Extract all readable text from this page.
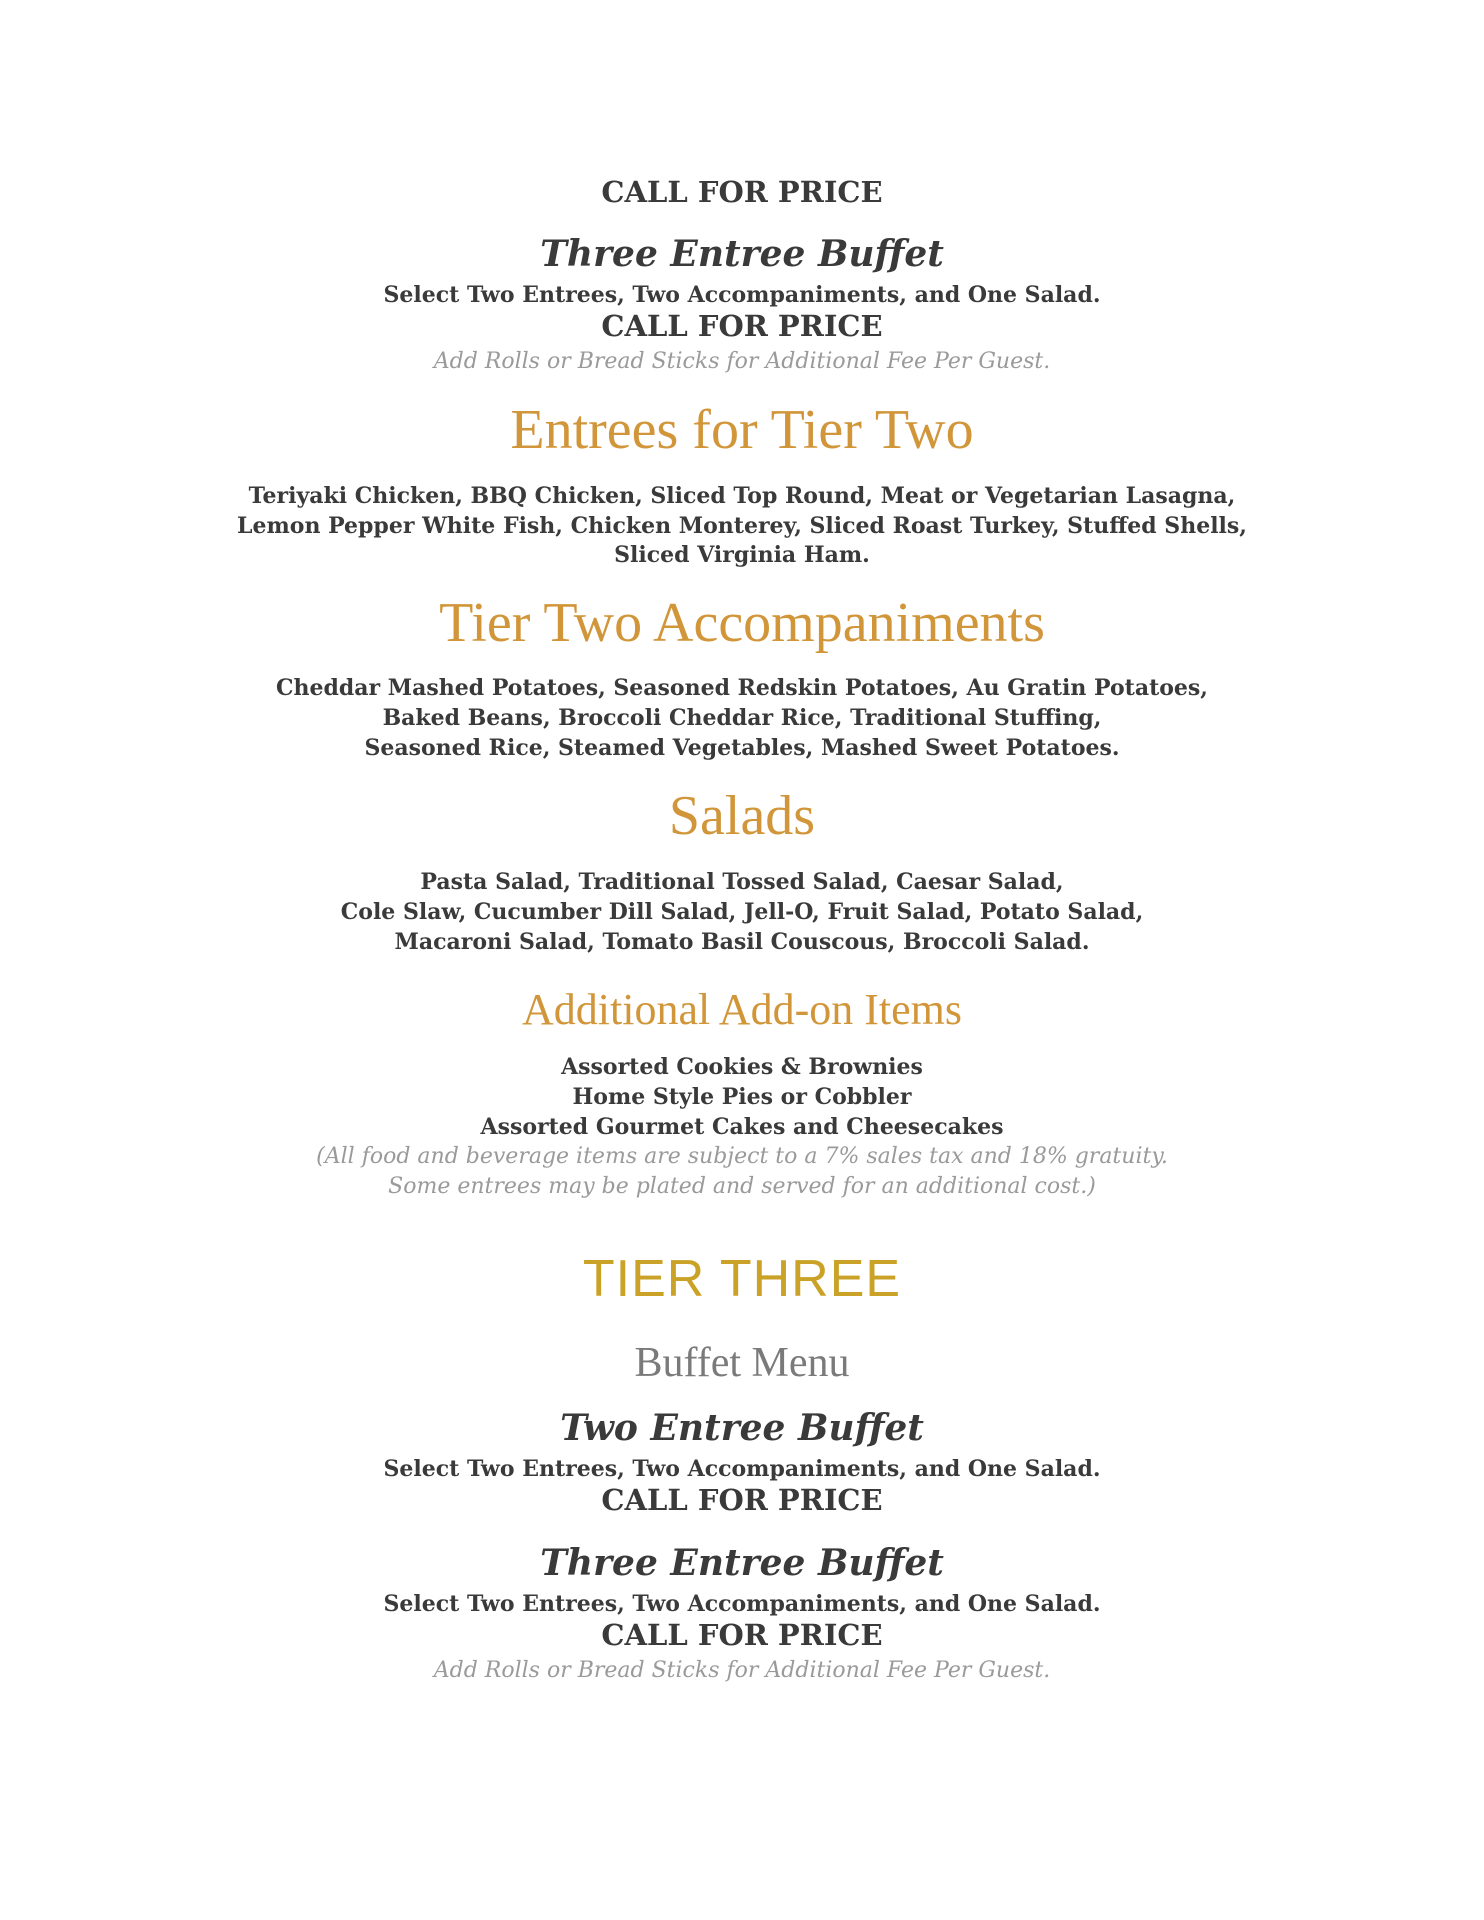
CALL FOR PRICE
Three Entree Buffet
Select Two Entrees, Two Accompaniments, and One Salad.
CALL FOR PRICE
Add Rolls or Bread Sticks for Additional Fee Per Guest.
Entrees for Tier Two
Teriyaki Chicken, BBQ Chicken, Sliced Top Round, Meat or Vegetarian Lasagna,
Lemon Pepper White Fish, Chicken Monterey, Sliced Roast Turkey, Stuffed Shells,
Sliced Virginia Ham.
Tier Two Accompaniments
Cheddar Mashed Potatoes, Seasoned Redskin Potatoes, Au Gratin Potatoes,
Baked Beans, Broccoli Cheddar Rice, Traditional Stuffing,
Seasoned Rice, Steamed Vegetables, Mashed Sweet Potatoes.
Salads
Pasta Salad, Traditional Tossed Salad, Caesar Salad,
Cole Slaw, Cucumber Dill Salad, Jell-O, Fruit Salad, Potato Salad,
Macaroni Salad, Tomato Basil Couscous, Broccoli Salad.
Additional Add-on Items
Assorted Cookies & Brownies
Home Style Pies or Cobbler
Assorted Gourmet Cakes and Cheesecakes
(All food and beverage items are subject to a 7% sales tax and 18% gratuity.
Some entrees may be plated and served for an additional cost.)
TIER THREE
Buffet Menu
Two Entree Buffet
Select Two Entrees, Two Accompaniments, and One Salad.
CALL FOR PRICE
Three Entree Buffet
Select Two Entrees, Two Accompaniments, and One Salad.
CALL FOR PRICE
Add Rolls or Bread Sticks for Additional Fee Per Guest.
